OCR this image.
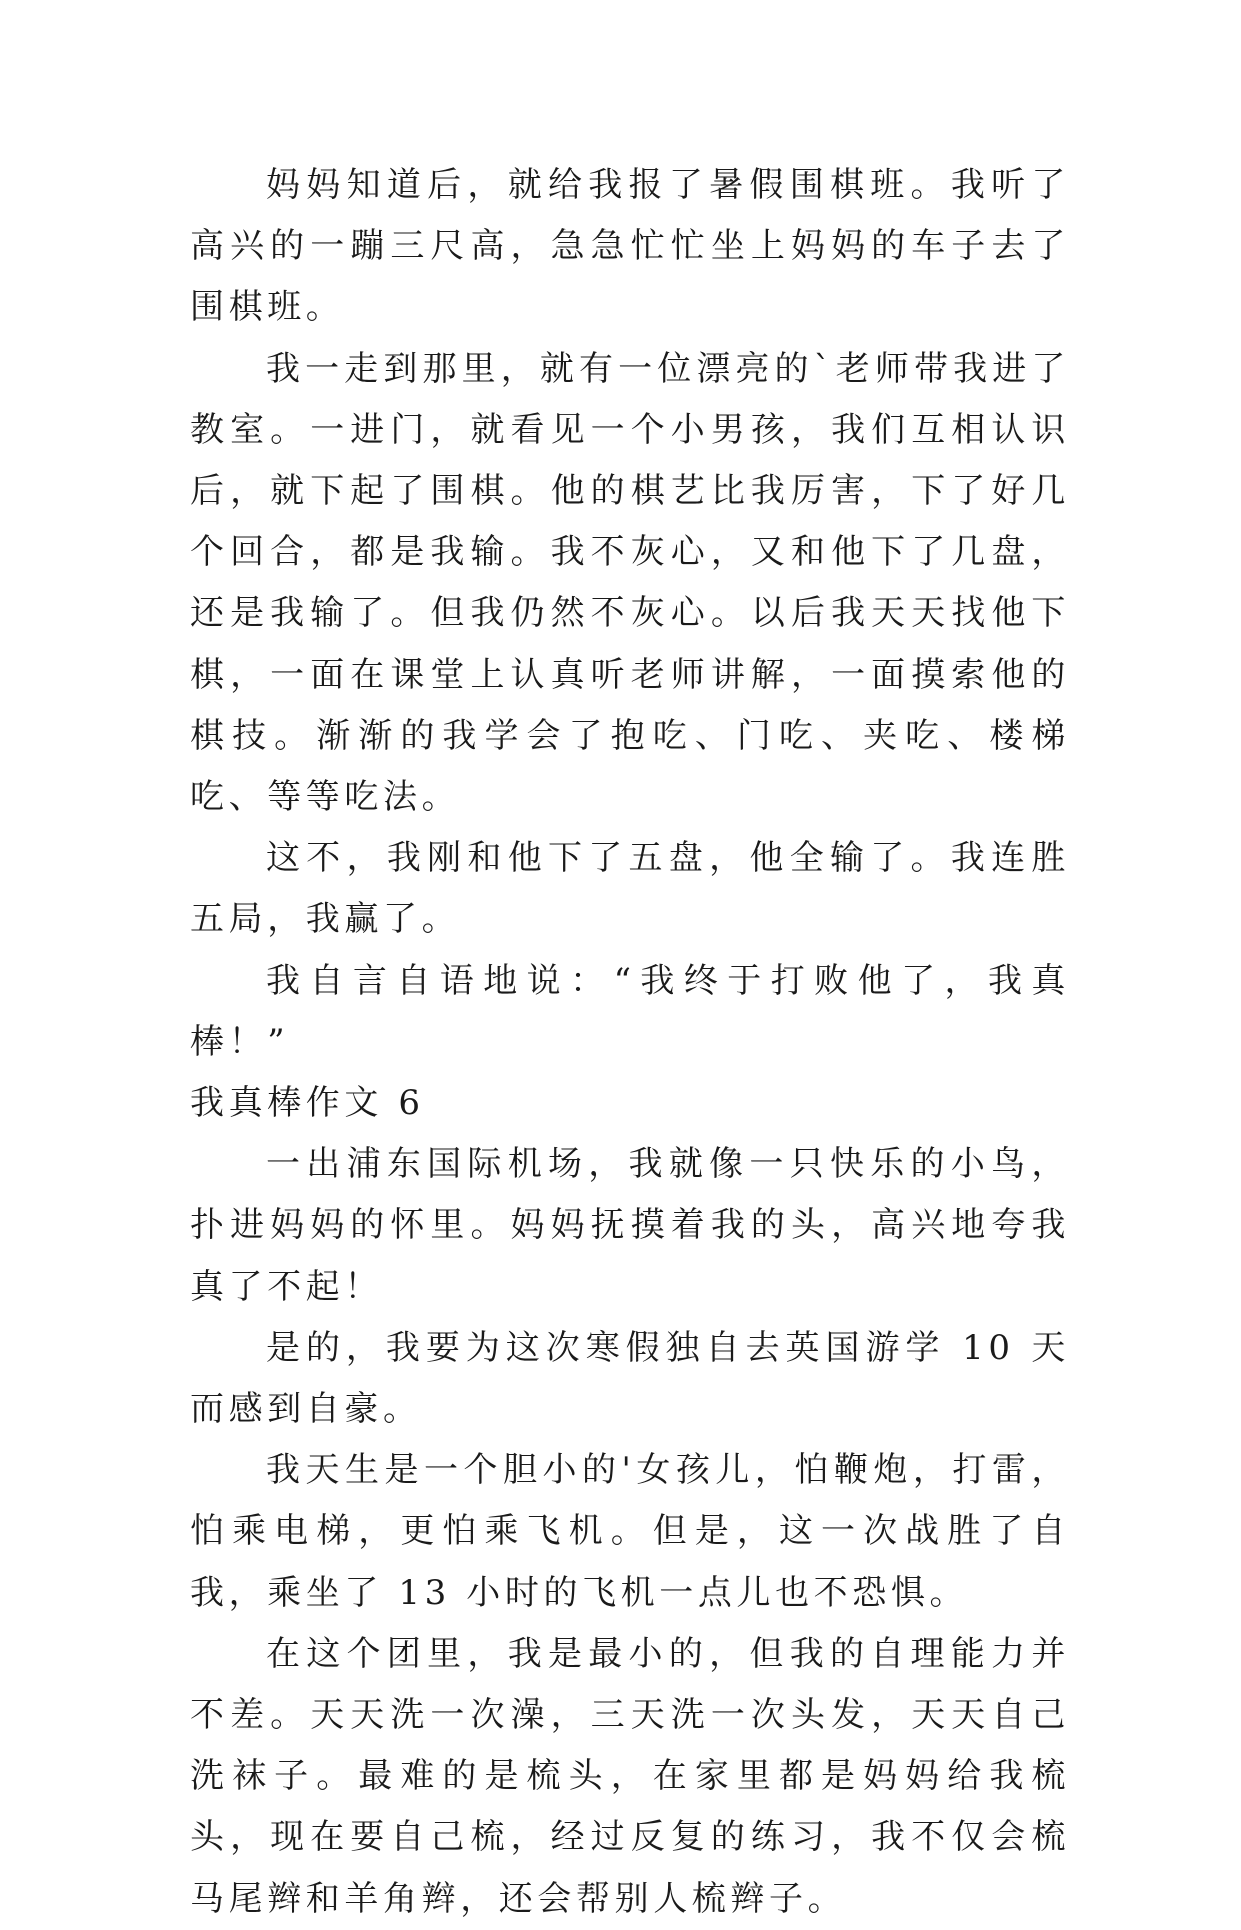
妈妈知道后，就给我报了暑假围棋班。我听了高兴的一蹦三尺高，急急忙忙坐上妈妈的车子去了围棋班。

我一走到那里，就有一位漂亮的`老师带我进了教室。一进门，就看见一个小男孩，我们互相认识后，就下起了围棋。他的棋艺比我厉害，下了好几个回合，都是我输。我不灰心，又和他下了几盘，还是我输了。但我仍然不灰心。以后我天天找他下棋，一面在课堂上认真听老师讲解，一面摸索他的棋技。渐渐的我学会了抱吃、门吃、夹吃、楼梯吃、等等吃法。

这不，我刚和他下了五盘，他全输了。我连胜五局，我赢了。

我自言自语地说：“我终于打败他了，我真棒！”

我真棒作文 6

一出浦东国际机场，我就像一只快乐的小鸟，扑进妈妈的怀里。妈妈抚摸着我的头，高兴地夸我真了不起！

是的，我要为这次寒假独自去英国游学 10 天而感到自豪。

我天生是一个胆小的'女孩儿，怕鞭炮，打雷，怕乘电梯，更怕乘飞机。但是，这一次战胜了自我，乘坐了 13 小时的飞机一点儿也不恐惧。

在这个团里，我是最小的，但我的自理能力并不差。天天洗一次澡，三天洗一次头发，天天自己洗袜子。最难的是梳头，在家里都是妈妈给我梳头，现在要自己梳，经过反复的练习，我不仅会梳马尾辫和羊角辫，还会帮别人梳辫子。
